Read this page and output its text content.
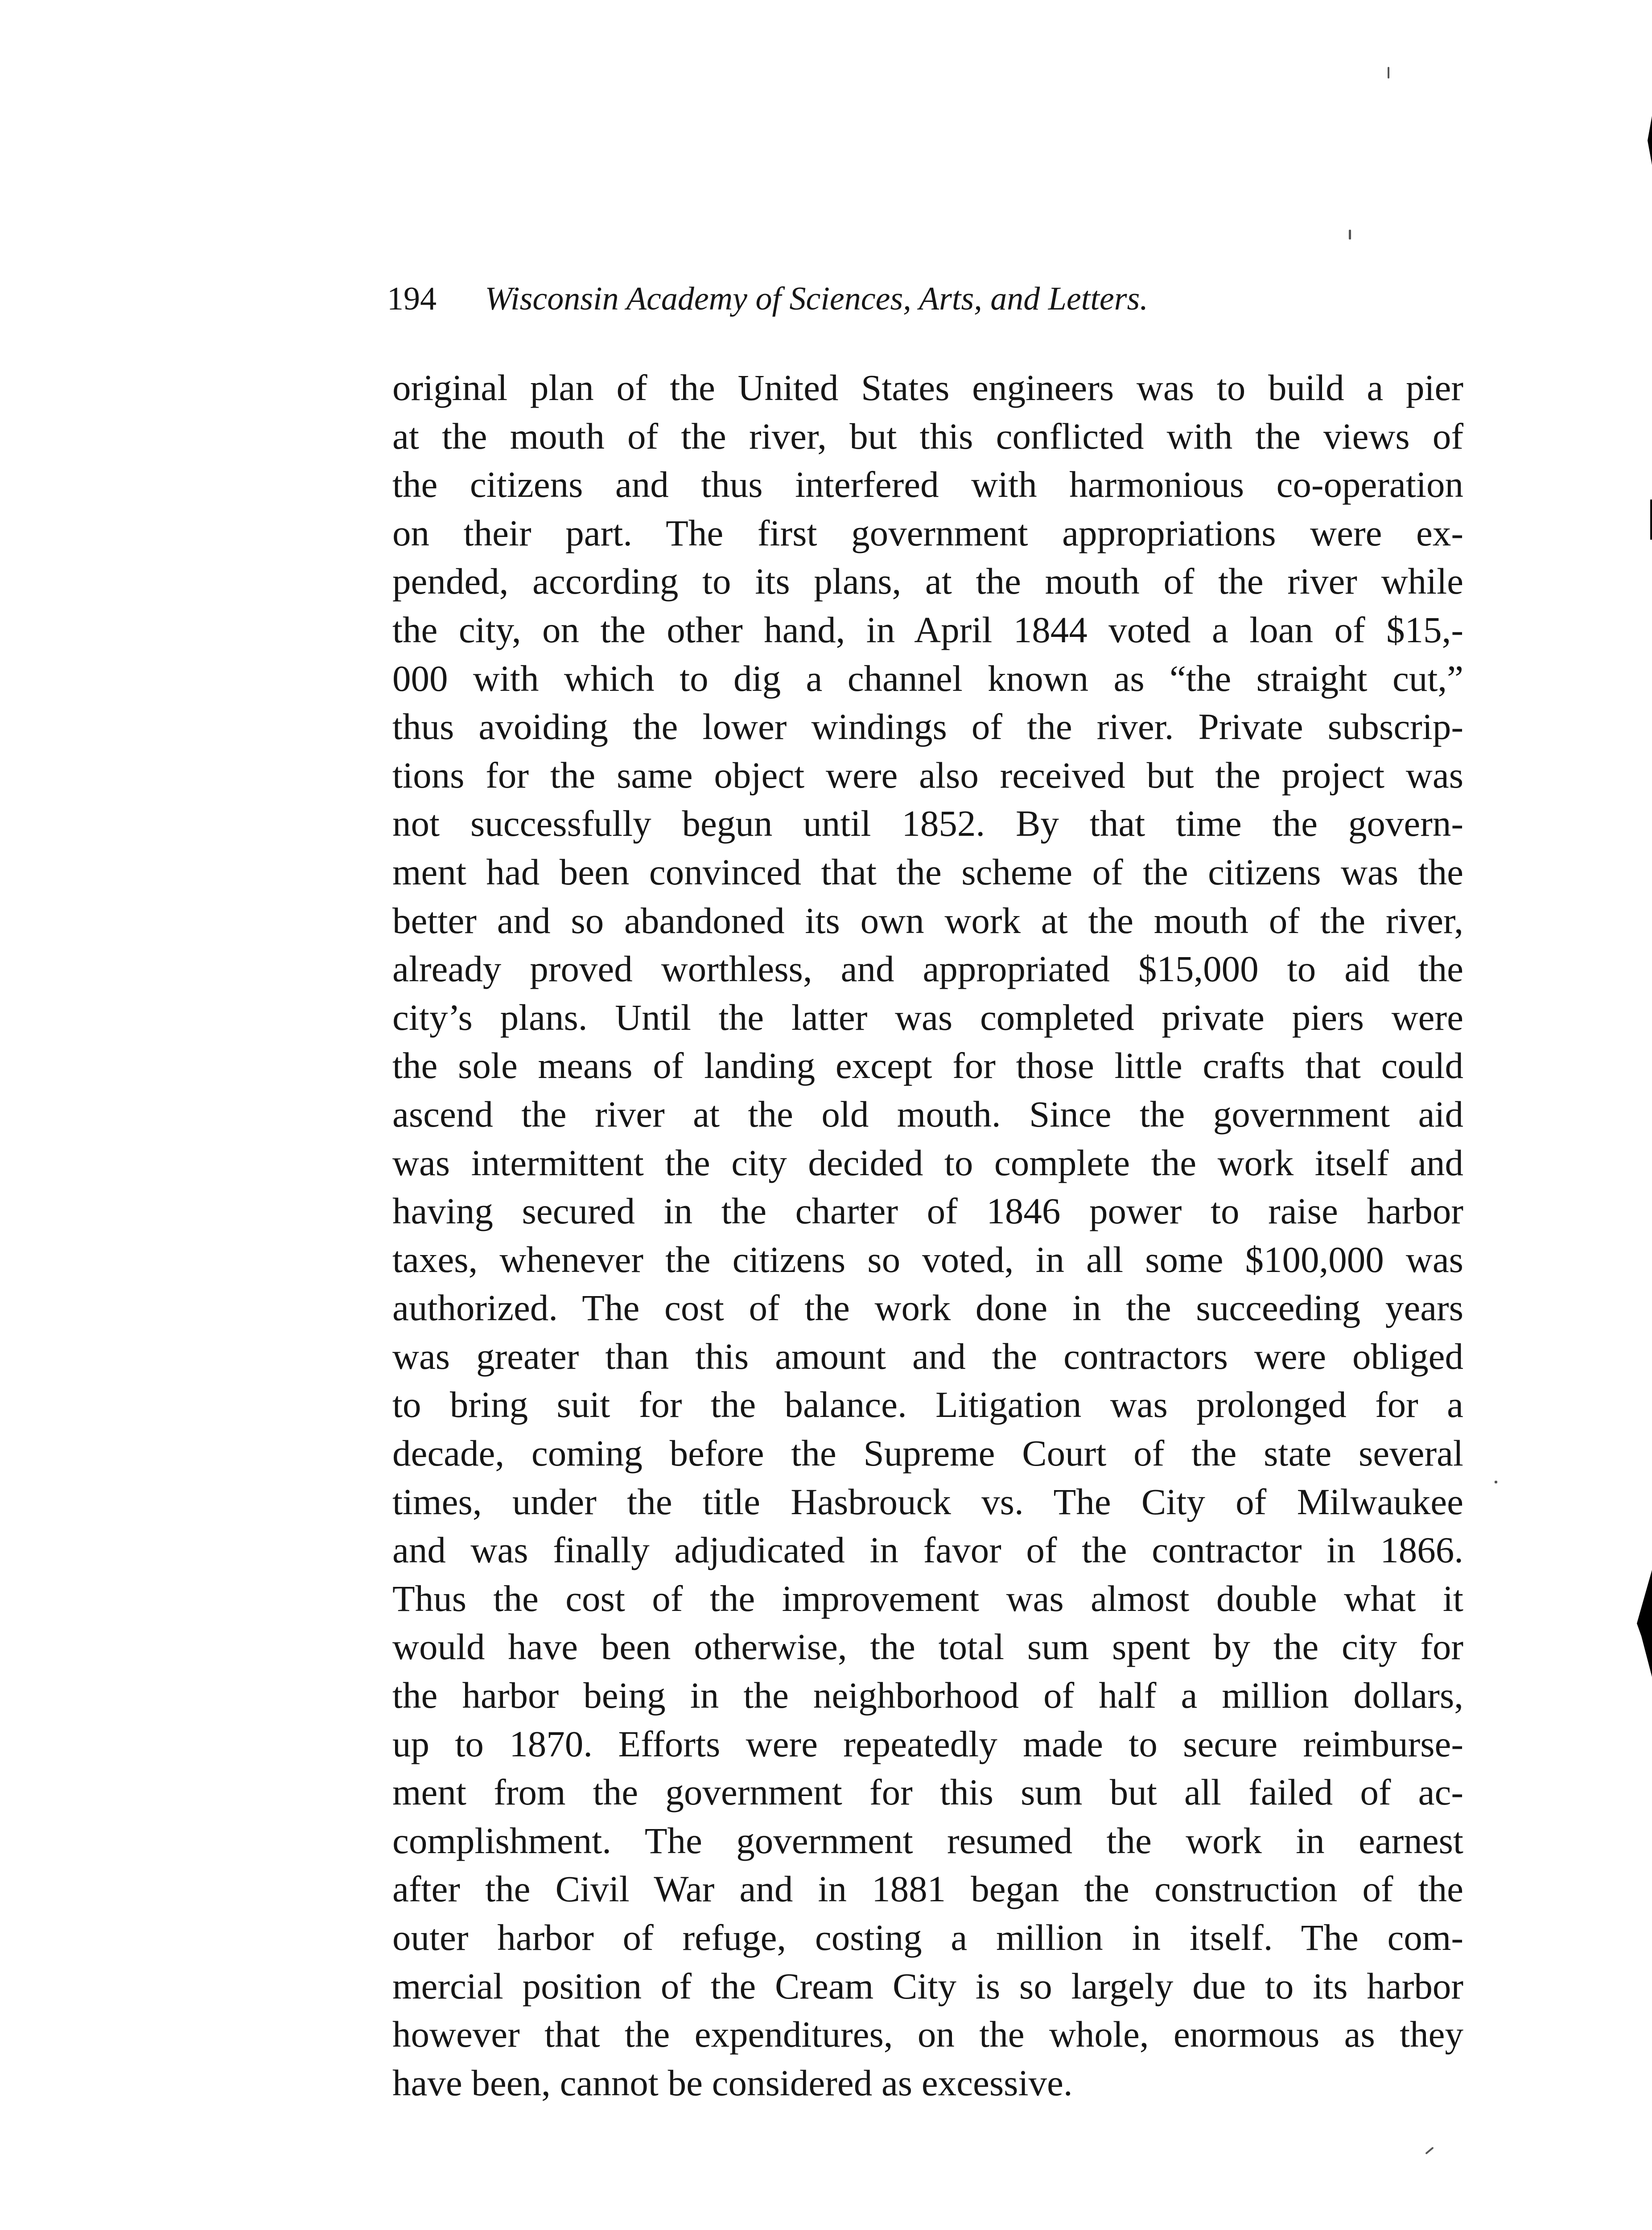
194 Wisconsin Academy of Sciences, Arts, and Letters.
original plan of the United States engineers was to build a pier
at the mouth of the river, but this conflicted with the views of
the citizens and thus interfered with harmonious co-operation
on their part. The first government appropriations were ex-
pended, according to its plans, at the mouth of the river while
the city, on the other hand, in April 1844 voted a loan of $15,-
000 with which to dig a channel known as “the straight cut,”
thus avoiding the lower windings of the river. Private subscrip-
tions for the same object were also received but the project was
not successfully begun until 1852. By that time the govern-
ment had been convinced that the scheme of the citizens was the
better and so abandoned its own work at the mouth of the river,
already proved worthless, and appropriated $15,000 to aid the
city’s plans. Until the latter was completed private piers were
the sole means of landing except for those little crafts that could
ascend the river at the old mouth. Since the government aid
was intermittent the city decided to complete the work itself and
having secured in the charter of 1846 power to raise harbor
taxes, whenever the citizens so voted, in all some $100,000 was
authorized. The cost of the work done in the succeeding years
was greater than this amount and the contractors were obliged
to bring suit for the balance. Litigation was prolonged for a
decade, coming before the Supreme Court of the state several
times, under the title Hasbrouck vs. The City of Milwaukee
and was finally adjudicated in favor of the contractor in 1866.
Thus the cost of the improvement was almost double what it
would have been otherwise, the total sum spent by the city for
the harbor being in the neighborhood of half a million dollars,
up to 1870. Efforts were repeatedly made to secure reimburse-
ment from the government for this sum but all failed of ac-
complishment. The government resumed the work in earnest
after the Civil War and in 1881 began the construction of the
outer harbor of refuge, costing a million in itself. The com-
mercial position of the Cream City is so largely due to its harbor
however that the expenditures, on the whole, enormous as they
have been, cannot be considered as excessive.
